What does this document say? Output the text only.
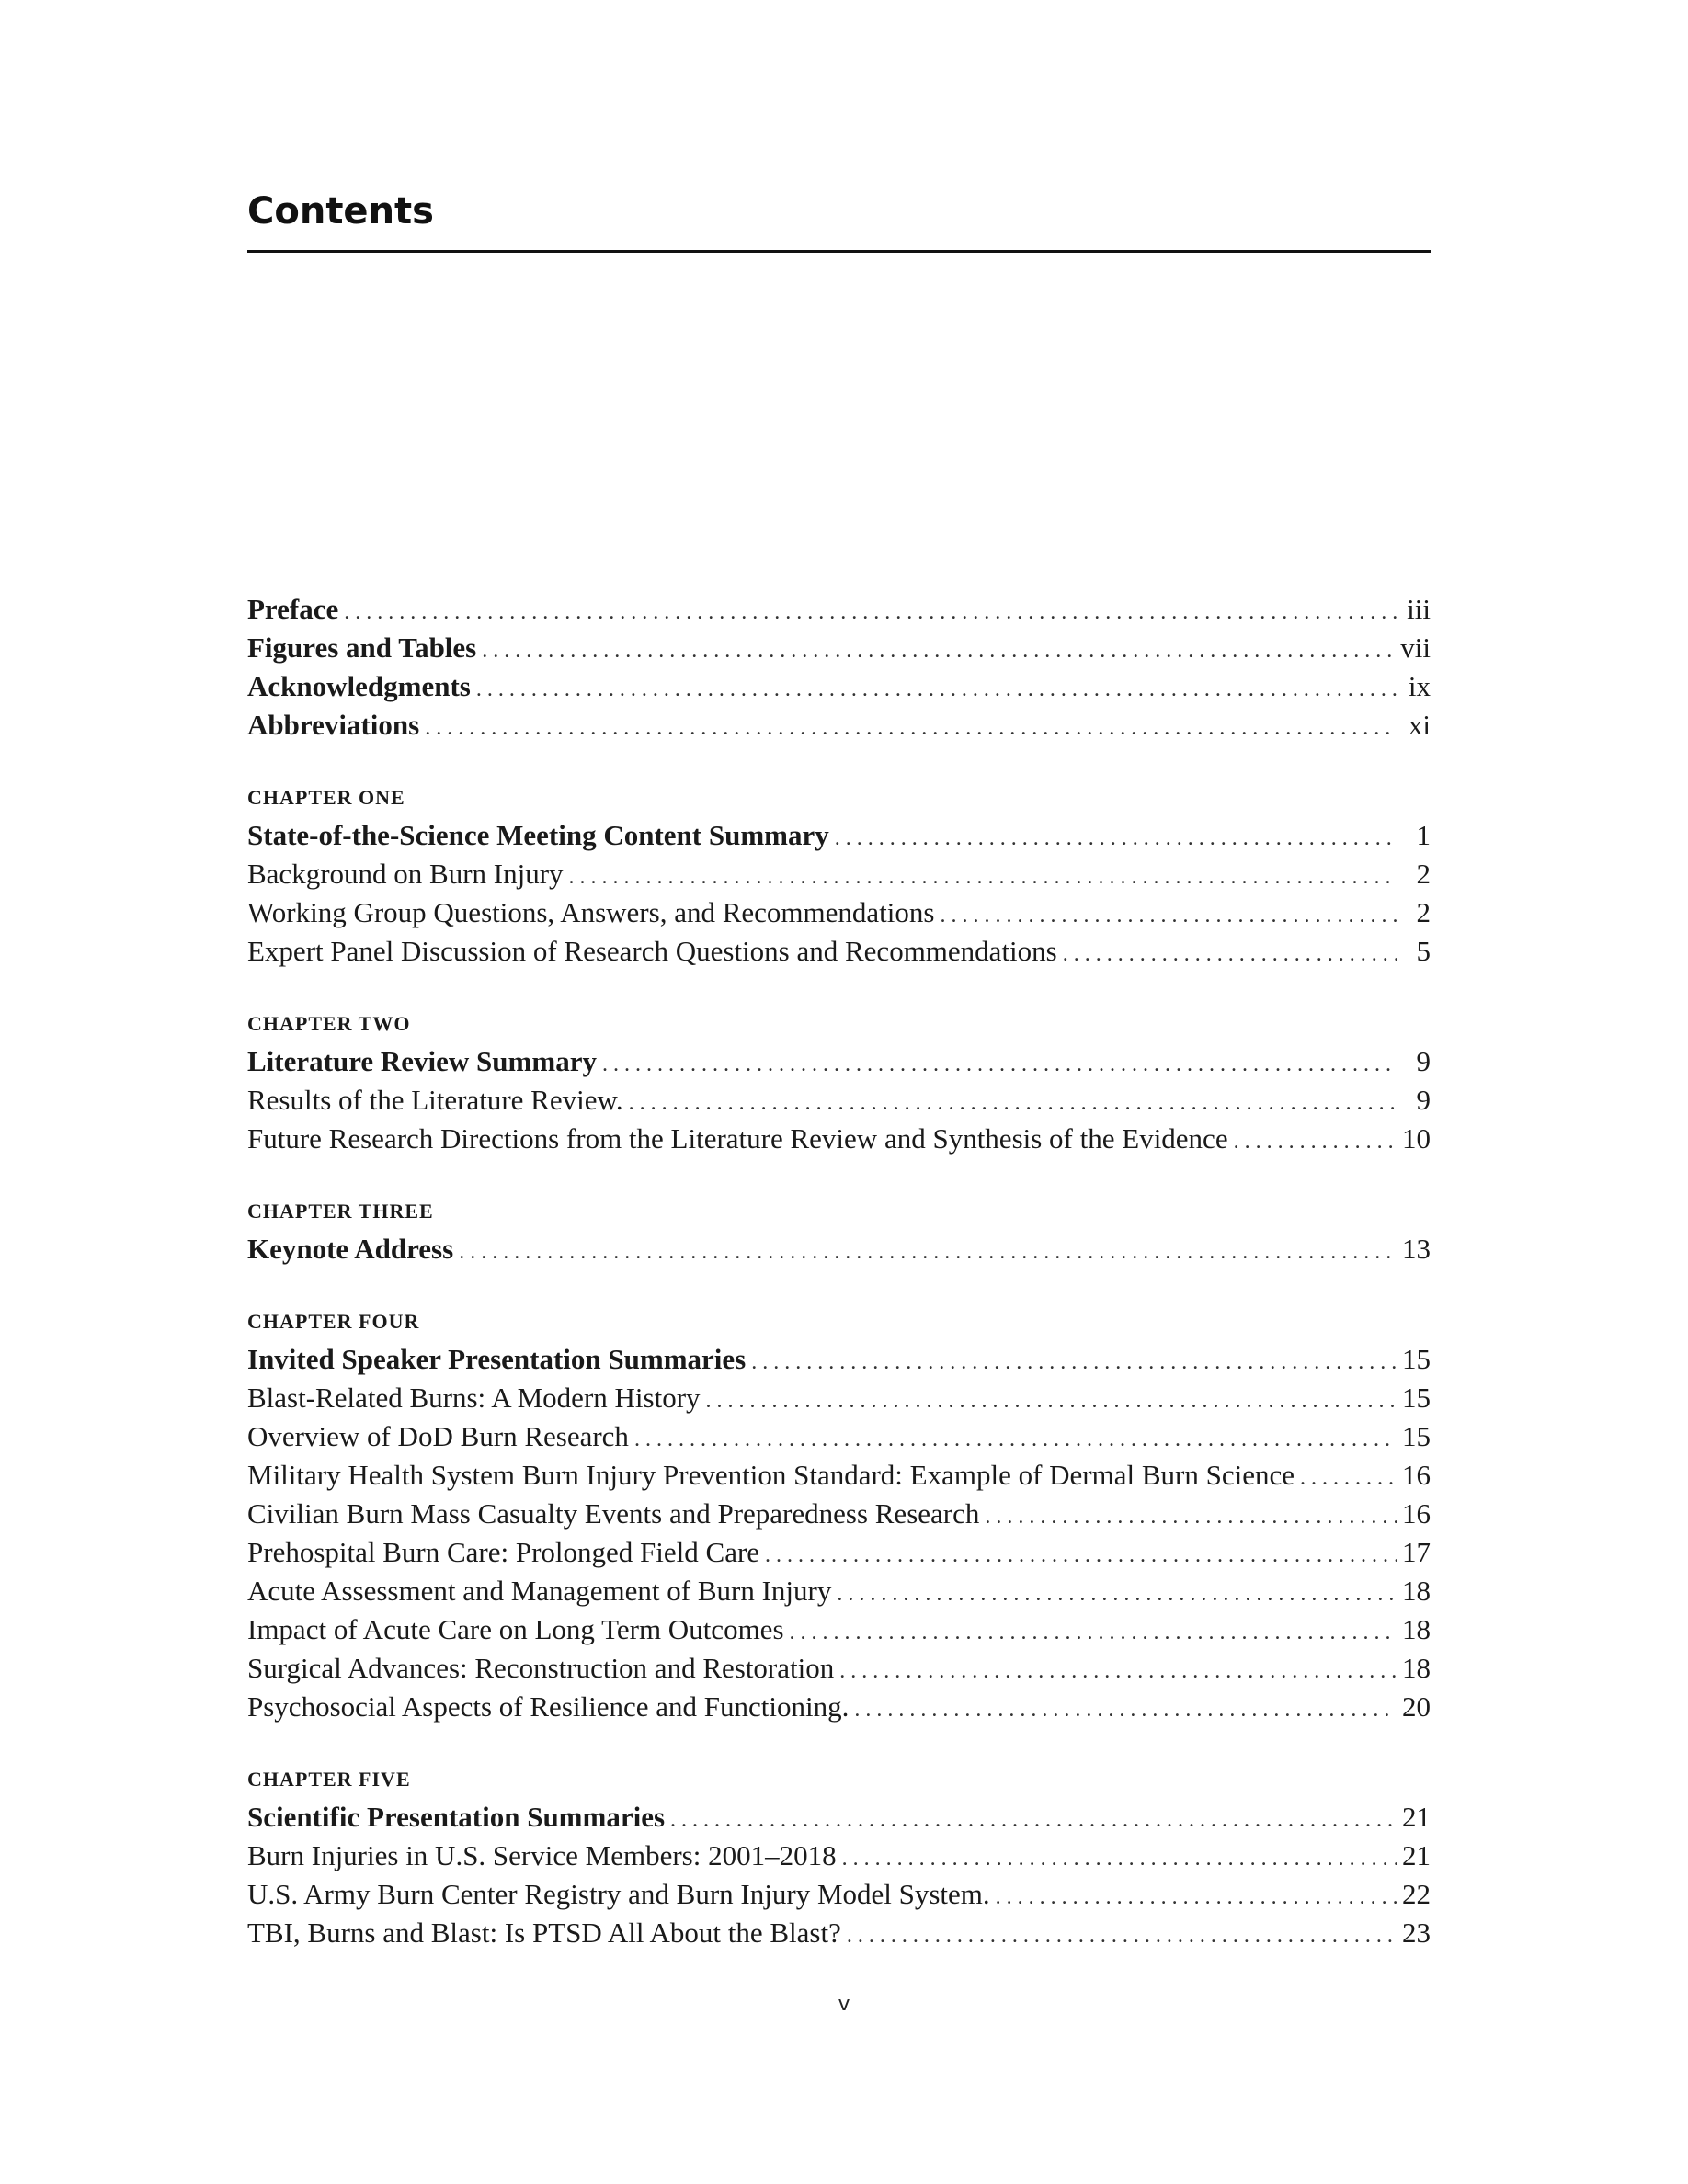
Contents
Preface . . .	iii
Figures and Tables . . .	vii
Acknowledgments . . .	ix
Abbreviations . . .	xi
CHAPTER ONE
State-of-the-Science Meeting Content Summary . . .	1
Background on Burn Injury . . .	2
Working Group Questions, Answers, and Recommendations . . .	2
Expert Panel Discussion of Research Questions and Recommendations . . .	5
CHAPTER TWO
Literature Review Summary . . .	9
Results of the Literature Review. . . .	9
Future Research Directions from the Literature Review and Synthesis of the Evidence . . .	10
CHAPTER THREE
Keynote Address . . .	13
CHAPTER FOUR
Invited Speaker Presentation Summaries . . .	15
Blast-Related Burns: A Modern History . . .	15
Overview of DoD Burn Research . . .	15
Military Health System Burn Injury Prevention Standard: Example of Dermal Burn Science . . .	16
Civilian Burn Mass Casualty Events and Preparedness Research . . .	16
Prehospital Burn Care: Prolonged Field Care . . .	17
Acute Assessment and Management of Burn Injury . . .	18
Impact of Acute Care on Long Term Outcomes . . .	18
Surgical Advances: Reconstruction and Restoration . . .	18
Psychosocial Aspects of Resilience and Functioning. . . .	20
CHAPTER FIVE
Scientific Presentation Summaries . . .	21
Burn Injuries in U.S. Service Members: 2001–2018 . . .	21
U.S. Army Burn Center Registry and Burn Injury Model System. . . .	22
TBI, Burns and Blast: Is PTSD All About the Blast? . . .	23
v
